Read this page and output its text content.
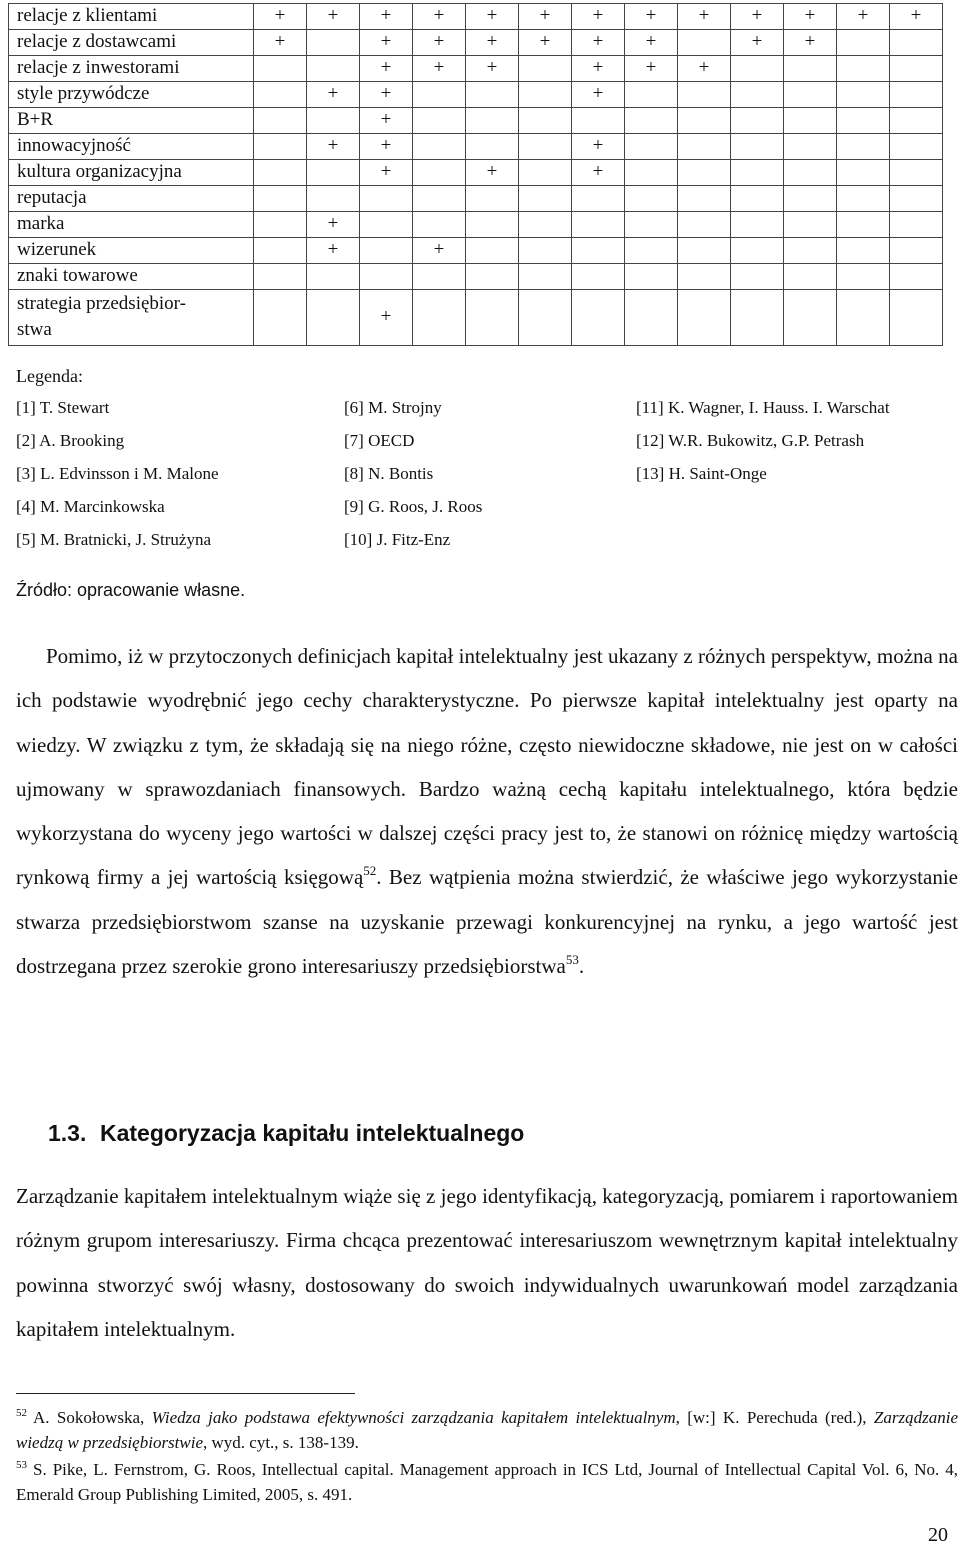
relacje z klientami	+	+	+	+	+	+	+	+	+	+	+	+	+
relacje z dostawcami	+		+	+	+	+	+	+		+	+		
relacje z inwestorami			+	+	+		+	+	+				
style przywódcze		+	+				+						
B+R			+										
innowacyjność		+	+				+						
kultura organizacyjna			+		+		+						
reputacja													
marka		+											
wizerunek		+		+									
znaki towarowe													
strategia przedsiębior-
stwa			+										
Legenda:
[1] T. Stewart	[6] M. Strojny	[11] K. Wagner, I. Hauss. I. Warschat
[2] A. Brooking	[7] OECD	[12] W.R. Bukowitz, G.P. Petrash
[3] L. Edvinsson i M. Malone	[8] N. Bontis	[13] H. Saint-Onge
[4] M. Marcinkowska	[9] G. Roos, J. Roos
[5] M. Bratnicki, J. Strużyna	[10] J. Fitz-Enz
Źródło: opracowanie własne.

Pomimo, iż w przytoczonych definicjach kapitał intelektualny jest ukazany z różnych perspektyw, można na ich podstawie wyodrębnić jego cechy charakterystyczne. Po pierwsze kapitał intelektualny jest oparty na wiedzy. W związku z tym, że składają się na niego różne, często niewidoczne składowe, nie jest on w całości ujmowany w sprawozdaniach finansowych. Bardzo ważną cechą kapitału intelektualnego, która będzie wykorzystana do wyceny jego wartości w dalszej części pracy jest to, że stanowi on różnicę między wartością rynkową firmy a jej wartością księgową$^{52}$. Bez wątpienia można stwierdzić, że właściwe jego wykorzystanie stwarza przedsiębiorstwom szanse na uzyskanie przewagi konkurencyjnej na rynku, a jego wartość jest dostrzegana przez szerokie grono interesariuszy przedsiębiorstwa$^{53}$.

1.3. Kategoryzacja kapitału intelektualnego

Zarządzanie kapitałem intelektualnym wiąże się z jego identyfikacją, kategoryzacją, pomiarem i raportowaniem różnym grupom interesariuszy. Firma chcąca prezentować interesariuszom wewnętrznym kapitał intelektualny powinna stworzyć swój własny, dostosowany do swoich indywidualnych uwarunkowań model zarządzania kapitałem intelektualnym.

$^{52}$ A. Sokołowska, Wiedza jako podstawa efektywności zarządzania kapitałem intelektualnym, [w:] K. Perechuda (red.), Zarządzanie wiedzą w przedsiębiorstwie, wyd. cyt., s. 138-139.
$^{53}$ S. Pike, L. Fernstrom, G. Roos, Intellectual capital. Management approach in ICS Ltd, Journal of Intellectual Capital Vol. 6, No. 4, Emerald Group Publishing Limited, 2005, s. 491.
20
